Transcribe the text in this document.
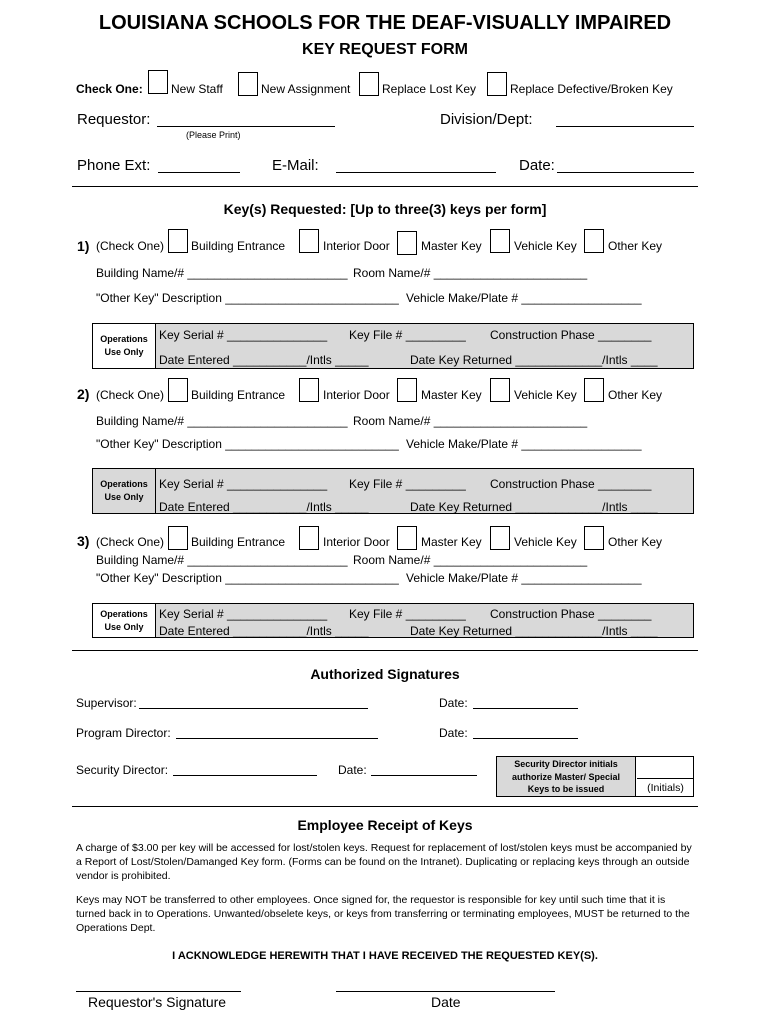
LOUISIANA SCHOOLS FOR THE DEAF-VISUALLY IMPAIRED
KEY REQUEST FORM
Check One: New Staff	New Assignment	Replace Lost Key	Replace Defective/Broken Key
Requestor:
(Please Print)
Division/Dept:
Phone Ext:	E-Mail:	Date:
Key(s) Requested: [Up to three(3) keys per form]
1) (Check One) Building Entrance	Interior Door	Master Key	Vehicle Key	Other Key
Building Name/# ________________________ Room Name/# _______________________
"Other Key" Description __________________________ Vehicle Make/Plate # __________________
Operations
Use Only
Key Serial # _______________ Key File # _________ Construction Phase ________
Date Entered ___________/Intls _____	Date Key Returned _____________/Intls ____
2) (Check One) Building Entrance	Interior Door	Master Key	Vehicle Key	Other Key
Building Name/# ________________________ Room Name/# _______________________
"Other Key" Description __________________________ Vehicle Make/Plate # __________________
Operations
Use Only
Key Serial # _______________ Key File # _________ Construction Phase ________
Date Entered ___________/Intls _____	Date Key Returned _____________/Intls ____
3) (Check One) Building Entrance	Interior Door	Master Key	Vehicle Key	Other Key
Building Name/# ________________________ Room Name/# _______________________
"Other Key" Description __________________________ Vehicle Make/Plate # __________________
Operations
Use Only
Key Serial # _______________ Key File # _________ Construction Phase ________
Date Entered ___________/Intls _____	Date Key Returned _____________/Intls ____
Authorized Signatures
Supervisor:	Date:
Program Director:	Date:
Security Director:	Date:	Security Director initials
authorize Master/ Special
Keys to be issued	(Initials)
Employee Receipt of Keys
A charge of $3.00 per key will be accessed for lost/stolen keys. Request for replacement of lost/stolen keys must be accompanied by a Report of Lost/Stolen/Damanged Key form. (Forms can be found on the Intranet). Duplicating or replacing keys through an outside vendor is prohibited.
Keys may NOT be transferred to other employees. Once signed for, the requestor is responsible for key until such time that it is turned back in to Operations. Unwanted/obselete keys, or keys from transferring or terminating employees, MUST be returned to the Operations Dept.
I ACKNOWLEDGE HEREWITH THAT I HAVE RECEIVED THE REQUESTED KEY(S).
Requestor's Signature	Date
